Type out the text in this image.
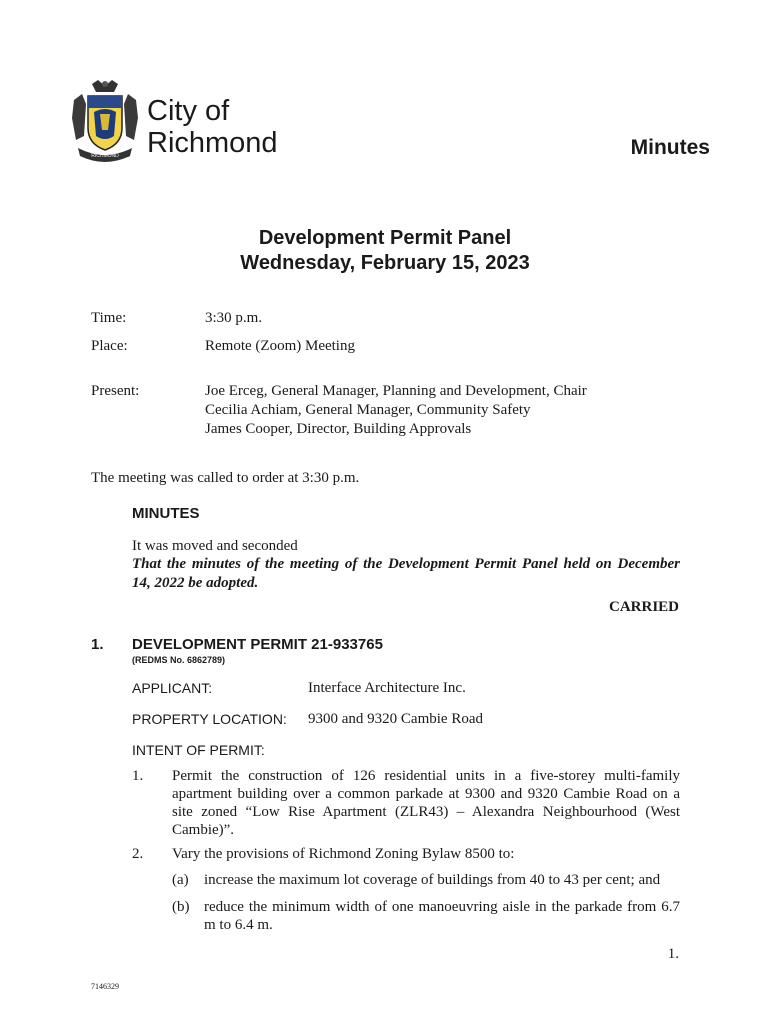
RICHMOND
City of
Richmond	Minutes
Development Permit Panel
Wednesday, February 15, 2023
Time:	3:30 p.m.
Place:	Remote (Zoom) Meeting
Present:	Joe Erceg, General Manager, Planning and Development, Chair
Cecilia Achiam, General Manager, Community Safety
James Cooper, Director, Building Approvals
The meeting was called to order at 3:30 p.m.
MINUTES
It was moved and seconded
That the minutes of the meeting of the Development Permit Panel held on December
14, 2022 be adopted.
CARRIED
1. DEVELOPMENT PERMIT 21-933765
(REDMS No. 6862789)
APPLICANT:	Interface Architecture Inc.
PROPERTY LOCATION: 9300 and 9320 Cambie Road
INTENT OF PERMIT:
1. Permit the construction of 126 residential units in a five-storey multi-family
apartment building over a common parkade at 9300 and 9320 Cambie Road on a
site zoned “Low Rise Apartment (ZLR43) – Alexandra Neighbourhood (West
Cambie)”.
2. Vary the provisions of Richmond Zoning Bylaw 8500 to:
(a) increase the maximum lot coverage of buildings from 40 to 43 per cent; and
(b) reduce the minimum width of one manoeuvring aisle in the parkade from 6.7
m to 6.4 m.
1.
7146329
